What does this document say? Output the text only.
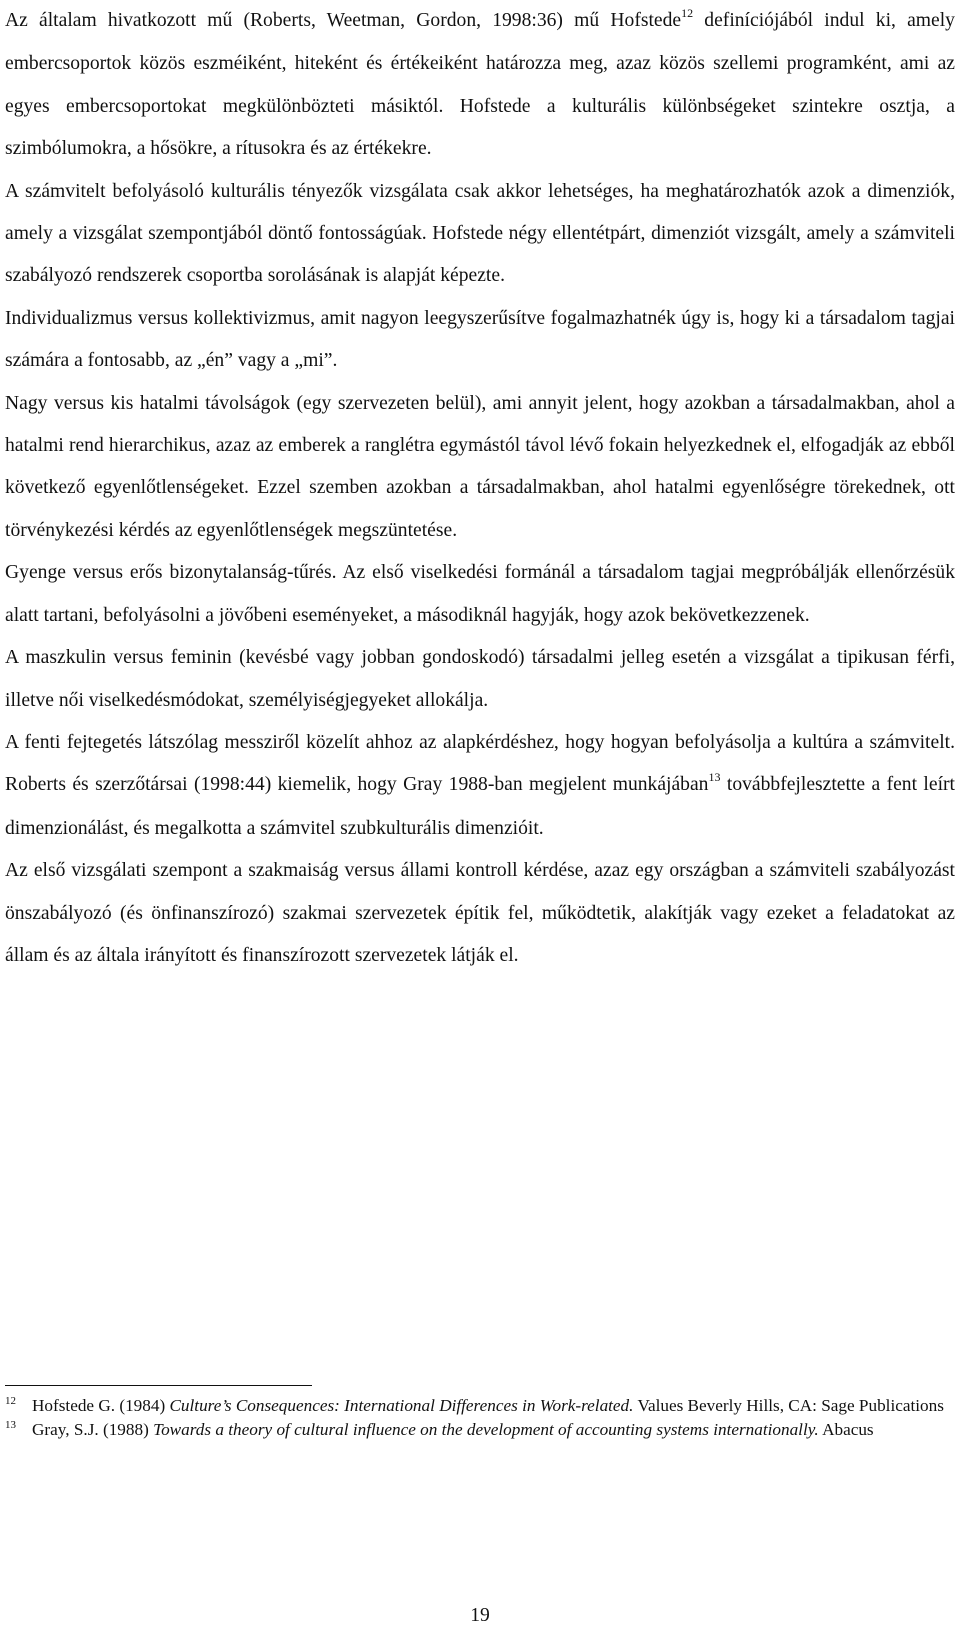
Az általam hivatkozott mű (Roberts, Weetman, Gordon, 1998:36) mű Hofstede$^{12}$ definíciójából indul ki, amely embercsoportok közös eszméiként, hiteként és értékeiként határozza meg, azaz közös szellemi programként, ami az egyes embercsoportokat megkülönbözteti másiktól. Hofstede a kulturális különbségeket szintekre osztja, a szimbólumokra, a hősökre, a rítusokra és az értékekre.

A számvitelt befolyásoló kulturális tényezők vizsgálata csak akkor lehetséges, ha meghatározhatók azok a dimenziók, amely a vizsgálat szempontjából döntő fontosságúak. Hofstede négy ellentétpárt, dimenziót vizsgált, amely a számviteli szabályozó rendszerek csoportba sorolásának is alapját képezte.

Individualizmus versus kollektivizmus, amit nagyon leegyszerűsítve fogalmazhatnék úgy is, hogy ki a társadalom tagjai számára a fontosabb, az „én” vagy a „mi”.

Nagy versus kis hatalmi távolságok (egy szervezeten belül), ami annyit jelent, hogy azokban a társadalmakban, ahol a hatalmi rend hierarchikus, azaz az emberek a ranglétra egymástól távol lévő fokain helyezkednek el, elfogadják az ebből következő egyenlőtlenségeket. Ezzel szemben azokban a társadalmakban, ahol hatalmi egyenlőségre törekednek, ott törvénykezési kérdés az egyenlőtlenségek megszüntetése.

Gyenge versus erős bizonytalanság-tűrés. Az első viselkedési formánál a társadalom tagjai megpróbálják ellenőrzésük alatt tartani, befolyásolni a jövőbeni eseményeket, a másodiknál hagyják, hogy azok bekövetkezzenek.

A maszkulin versus feminin (kevésbé vagy jobban gondoskodó) társadalmi jelleg esetén a vizsgálat a tipikusan férfi, illetve női viselkedésmódokat, személyiségjegyeket allokálja.

A fenti fejtegetés látszólag messziről közelít ahhoz az alapkérdéshez, hogy hogyan befolyásolja a kultúra a számvitelt. Roberts és szerzőtársai (1998:44) kiemelik, hogy Gray 1988-ban megjelent munkájában$^{13}$ továbbfejlesztette a fent leírt dimenzionálást, és megalkotta a számvitel szubkulturális dimenzióit.

Az első vizsgálati szempont a szakmaiság versus állami kontroll kérdése, azaz egy országban a számviteli szabályozást önszabályozó (és önfinanszírozó) szakmai szervezetek építik fel, működtetik, alakítják vagy ezeket a feladatokat az állam és az általa irányított és finanszírozott szervezetek látják el.

$^{12}$ Hofstede G. (1984) Culture’s Consequences: International Differences in Work-related. Values Beverly Hills, CA: Sage Publications

$^{13}$ Gray, S.J. (1988) Towards a theory of cultural influence on the development of accounting systems internationally. Abacus

19
